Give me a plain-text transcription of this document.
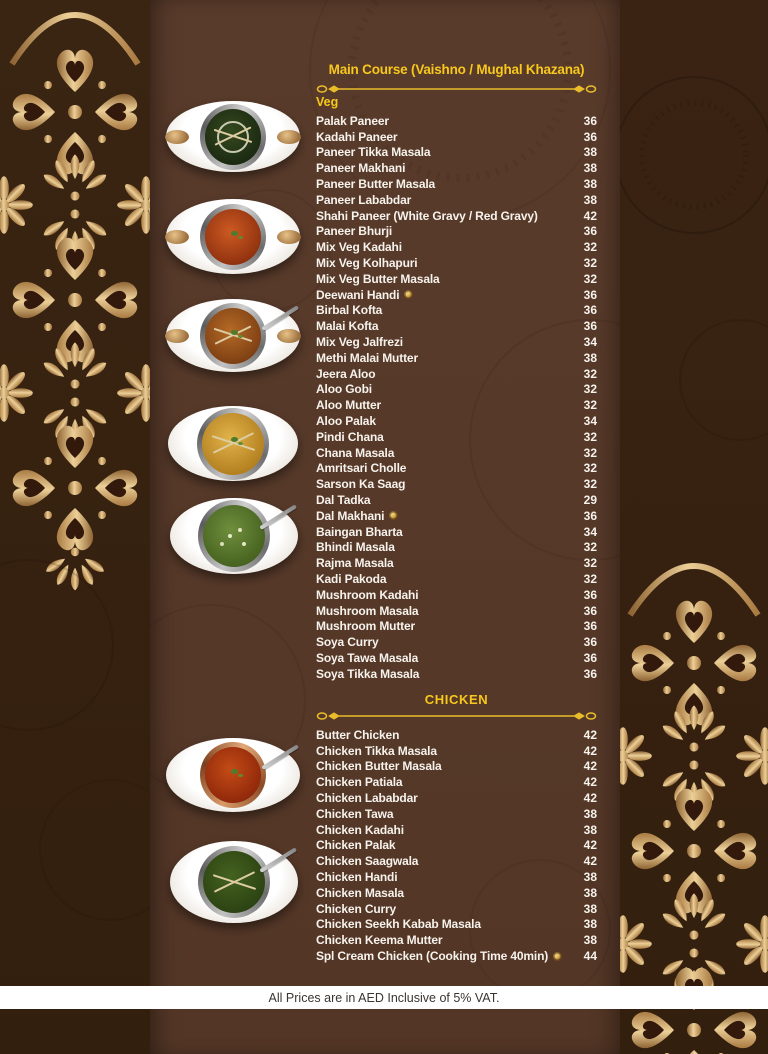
Main Course (Vaishno / Mughal Khazana)
Veg
Palak Paneer	36
Kadahi Paneer	36
Paneer Tikka Masala	38
Paneer Makhani	38
Paneer Butter Masala	38
Paneer Lababdar	38
Shahi Paneer (White Gravy / Red Gravy)	42
Paneer Bhurji	36
Mix Veg Kadahi	32
Mix Veg Kolhapuri	32
Mix Veg Butter Masala	32
Deewani Handi	36
Birbal Kofta	36
Malai Kofta	36
Mix Veg Jalfrezi	34
Methi Malai Mutter	38
Jeera Aloo	32
Aloo Gobi	32
Aloo Mutter	32
Aloo Palak	34
Pindi Chana	32
Chana Masala	32
Amritsari Cholle	32
Sarson Ka Saag	32
Dal Tadka	29
Dal Makhani	36
Baingan Bharta	34
Bhindi Masala	32
Rajma Masala	32
Kadi Pakoda	32
Mushroom Kadahi	36
Mushroom Masala	36
Mushroom Mutter	36
Soya Curry	36
Soya Tawa Masala	36
Soya Tikka Masala	36
CHICKEN
Butter Chicken	42
Chicken Tikka Masala	42
Chicken Butter Masala	42
Chicken Patiala	42
Chicken Lababdar	42
Chicken Tawa	38
Chicken Kadahi	38
Chicken Palak	42
Chicken Saagwala	42
Chicken Handi	38
Chicken Masala	38
Chicken Curry	38
Chicken Seekh Kabab Masala	38
Chicken Keema Mutter	38
Spl Cream Chicken (Cooking Time 40min)	44
All Prices are in AED Inclusive of 5% VAT.
